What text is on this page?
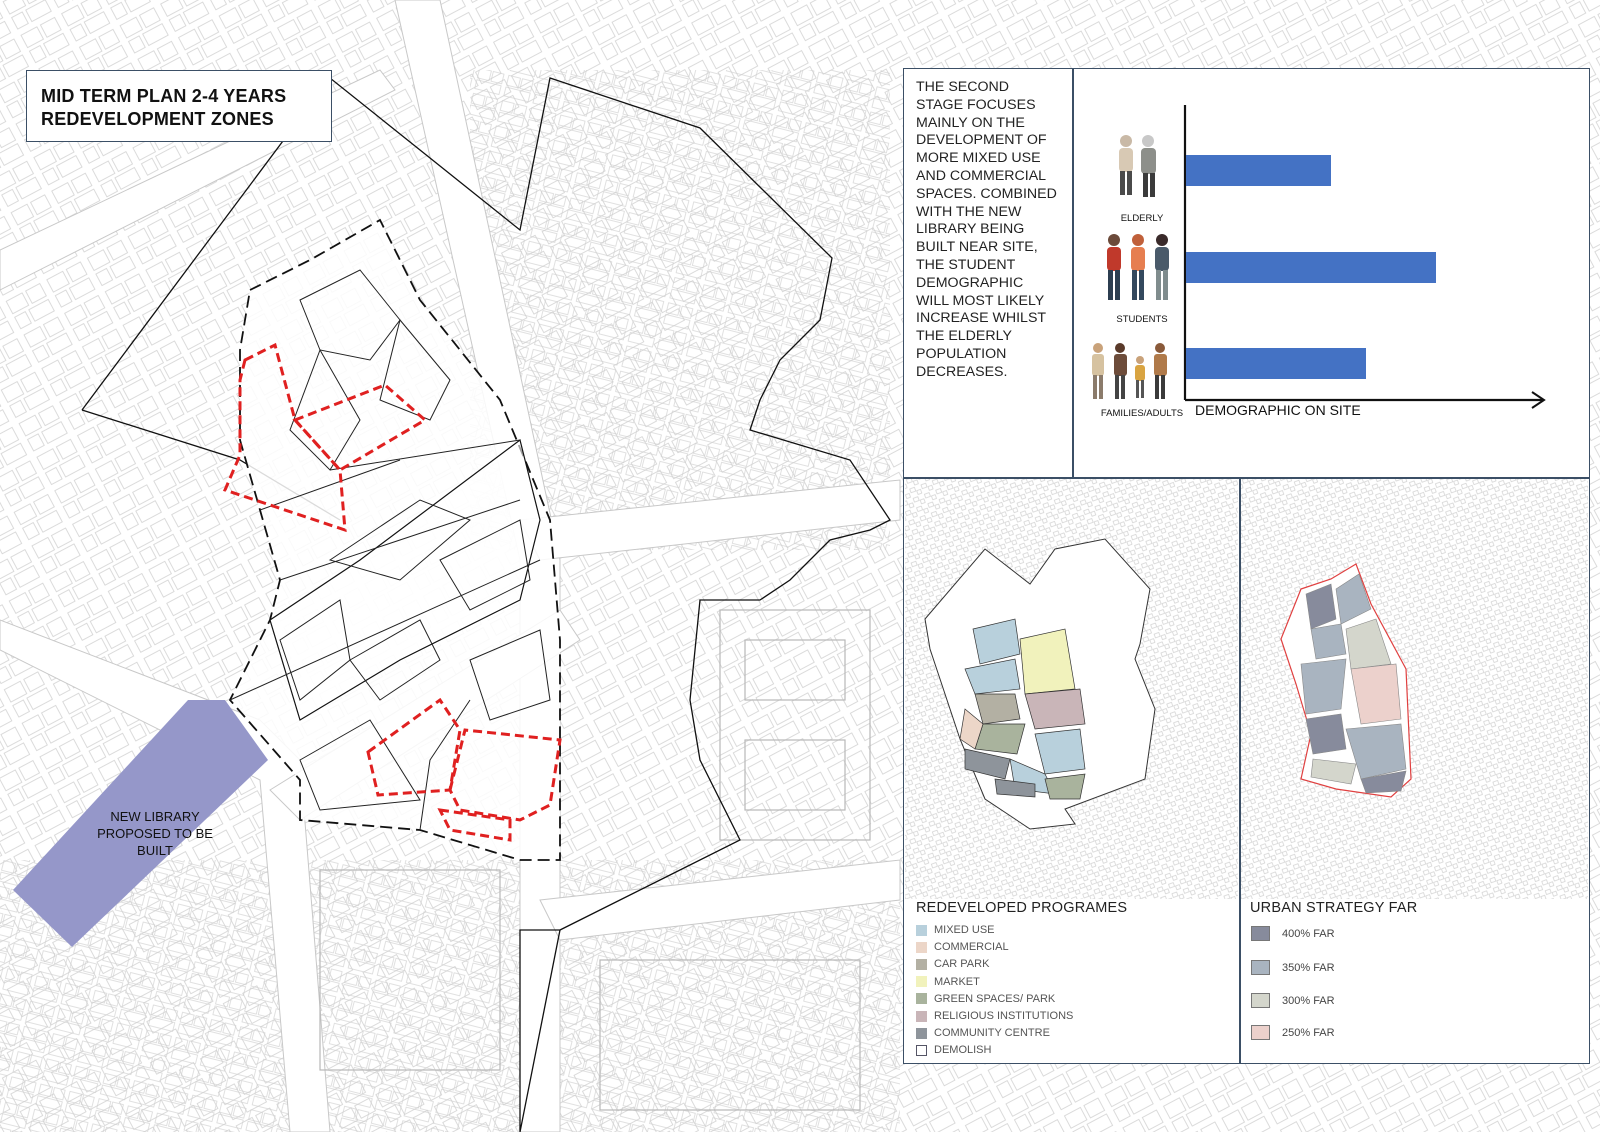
MID TERM PLAN 2-4 YEARS
REDEVELOPMENT ZONES
NEW LIBRARY
PROPOSED TO BE
BUILT
THE SECOND
STAGE FOCUSES
MAINLY ON THE
DEVELOPMENT OF
MORE MIXED USE
AND COMMERCIAL
SPACES. COMBINED
WITH THE NEW
LIBRARY BEING
BUILT NEAR SITE,
THE STUDENT
DEMOGRAPHIC
WILL MOST LIKELY
INCREASE WHILST
THE ELDERLY
POPULATION
DECREASES.
ELDERLY
STUDENTS
FAMILIES/ADULTS DEMOGRAPHIC ON SITE
REDEVELOPED PROGRAMES
MIXED USE
COMMERCIAL
CAR PARK
MARKET
GREEN SPACES/ PARK
RELIGIOUS INSTITUTIONS
COMMUNITY CENTRE
DEMOLISH
URBAN STRATEGY FAR
400% FAR
350% FAR
300% FAR
250% FAR
